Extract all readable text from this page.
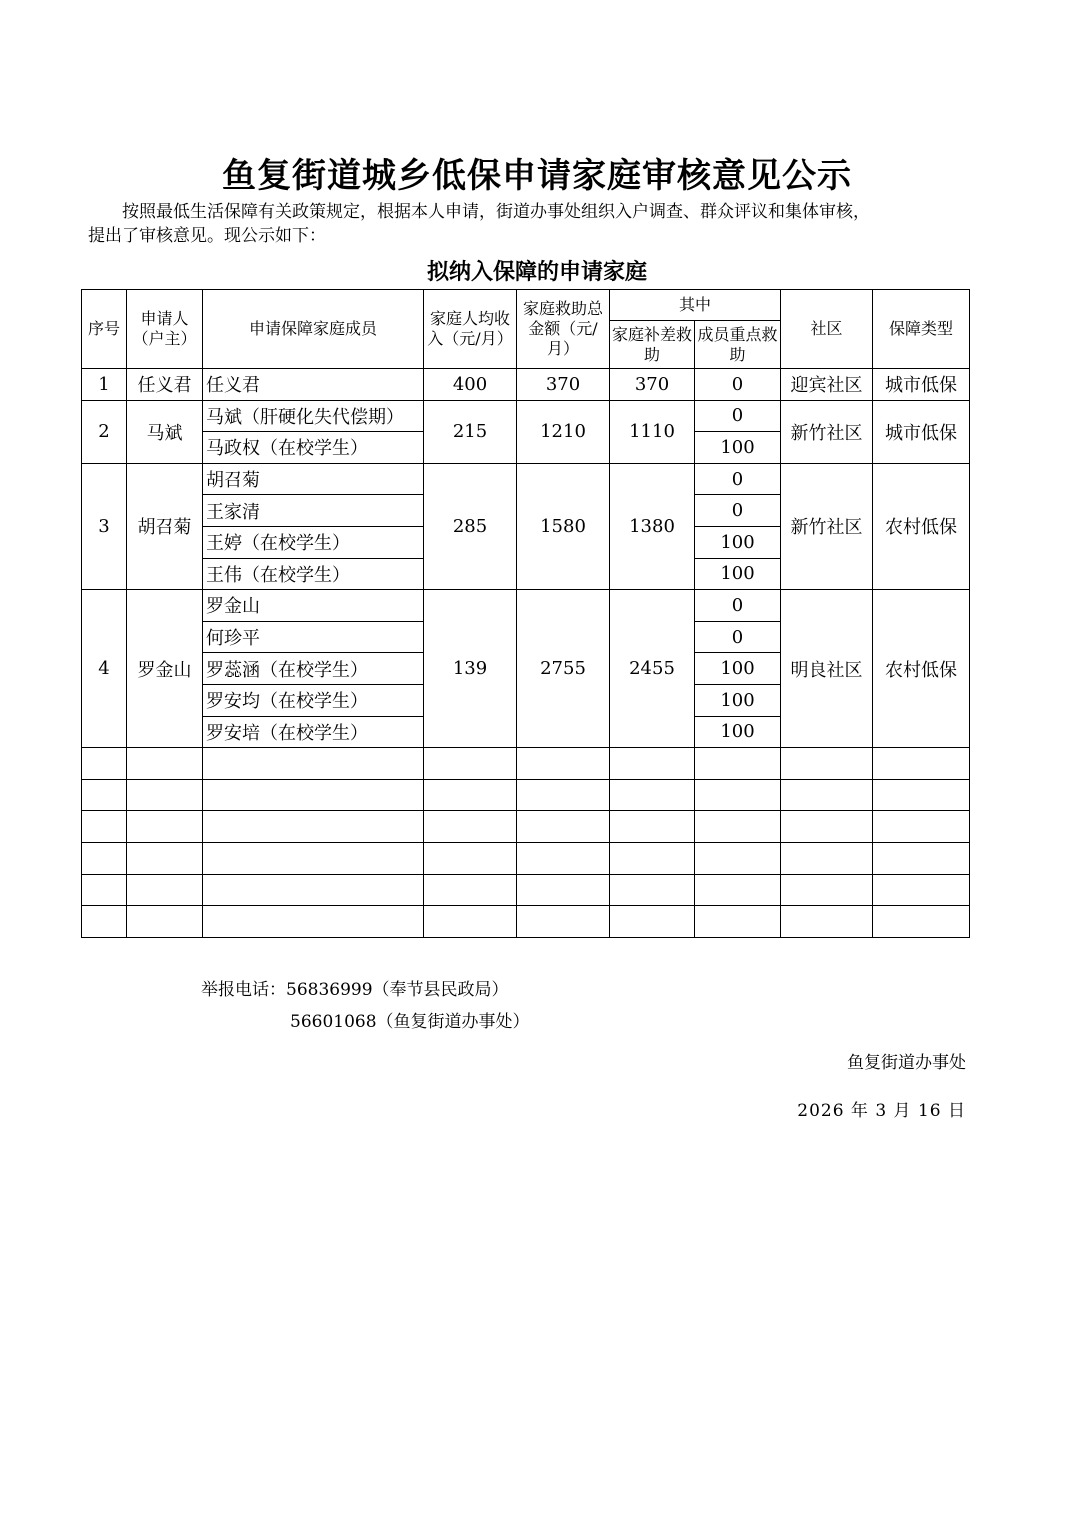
鱼复街道城乡低保申请家庭审核意见公示
按照最低生活保障有关政策规定，根据本人申请，街道办事处组织入户调查、群众评议和集体审核，
提出了审核意见。现公示如下：
拟纳入保障的申请家庭
序号	申请人（户主）	申请保障家庭成员	家庭人均收入（元/月）	家庭救助总金额（元/月）	其中		社区	保障类型
					家庭补差救助	成员重点救助		
1	任义君	任义君	400	370	370	0	迎宾社区	城市低保
2	马斌	马斌（肝硬化失代偿期）	215	1210	1110	0	新竹社区	城市低保
		马政权（在校学生）				100		
3	胡召菊	胡召菊	285	1580	1380	0	新竹社区	农村低保
		王家清				0		
		王婷（在校学生）				100		
		王伟（在校学生）				100		
4	罗金山	罗金山	139	2755	2455	0	明良社区	农村低保
		何珍平				0		
		罗蕊涵（在校学生）				100		
		罗安均（在校学生）				100		
		罗安培（在校学生）				100		

举报电话：56836999（奉节县民政局）
56601068（鱼复街道办事处）
鱼复街道办事处
2026 年 3 月 16 日
